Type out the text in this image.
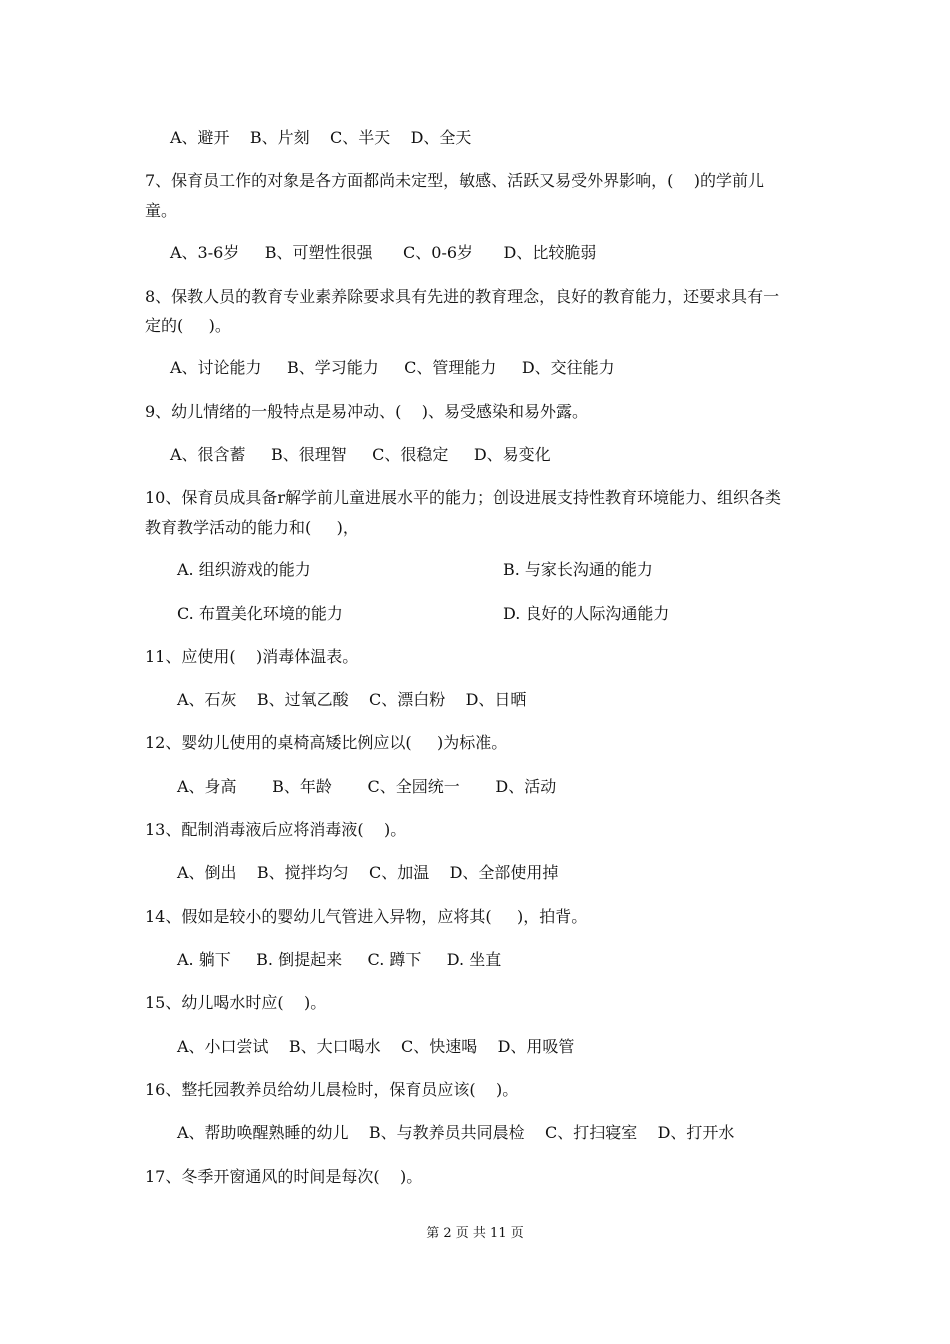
A、避开    B、片刻    C、半天    D、全天
7、保育员工作的对象是各方面都尚未定型，敏感、活跃又易受外界影响，(    )的学前儿
童。
A、3-6岁     B、可塑性很强      C、0-6岁      D、比较脆弱
8、保教人员的教育专业素养除要求具有先进的教育理念，良好的教育能力，还要求具有一
定的(     )。
A、讨论能力     B、学习能力     C、管理能力     D、交往能力
9、幼儿情绪的一般特点是易冲动、(    )、易受感染和易外露。
A、很含蓄     B、很理智     C、很稳定     D、易变化
10、保育员成具备r解学前儿童进展水平的能力；创设进展支持性教育环境能力、组织各类
教育教学活动的能力和(     )，
A. 组织游戏的能力	B. 与家长沟通的能力
C. 布置美化环境的能力	D. 良好的人际沟通能力
11、应使用(    )消毒体温表。
A、石灰    B、过氧乙酸    C、漂白粉    D、日晒
12、婴幼儿使用的桌椅高矮比例应以(     )为标准。
A、身高       B、年龄       C、全园统一       D、活动
13、配制消毒液后应将消毒液(    )。
A、倒出    B、搅拌均匀    C、加温    D、全部使用掉
14、假如是较小的婴幼儿气管进入异物，应将其(     )，拍背。
A. 躺下     B. 倒提起来     C. 蹲下     D. 坐直
15、幼儿喝水时应(    )。
A、小口尝试    B、大口喝水    C、快速喝    D、用吸管
16、整托园教养员给幼儿晨检时，保育员应该(    )。
A、帮助唤醒熟睡的幼儿    B、与教养员共同晨检    C、打扫寝室    D、打开水
17、冬季开窗通风的时间是每次(    )。
第 2 页 共 11 页
